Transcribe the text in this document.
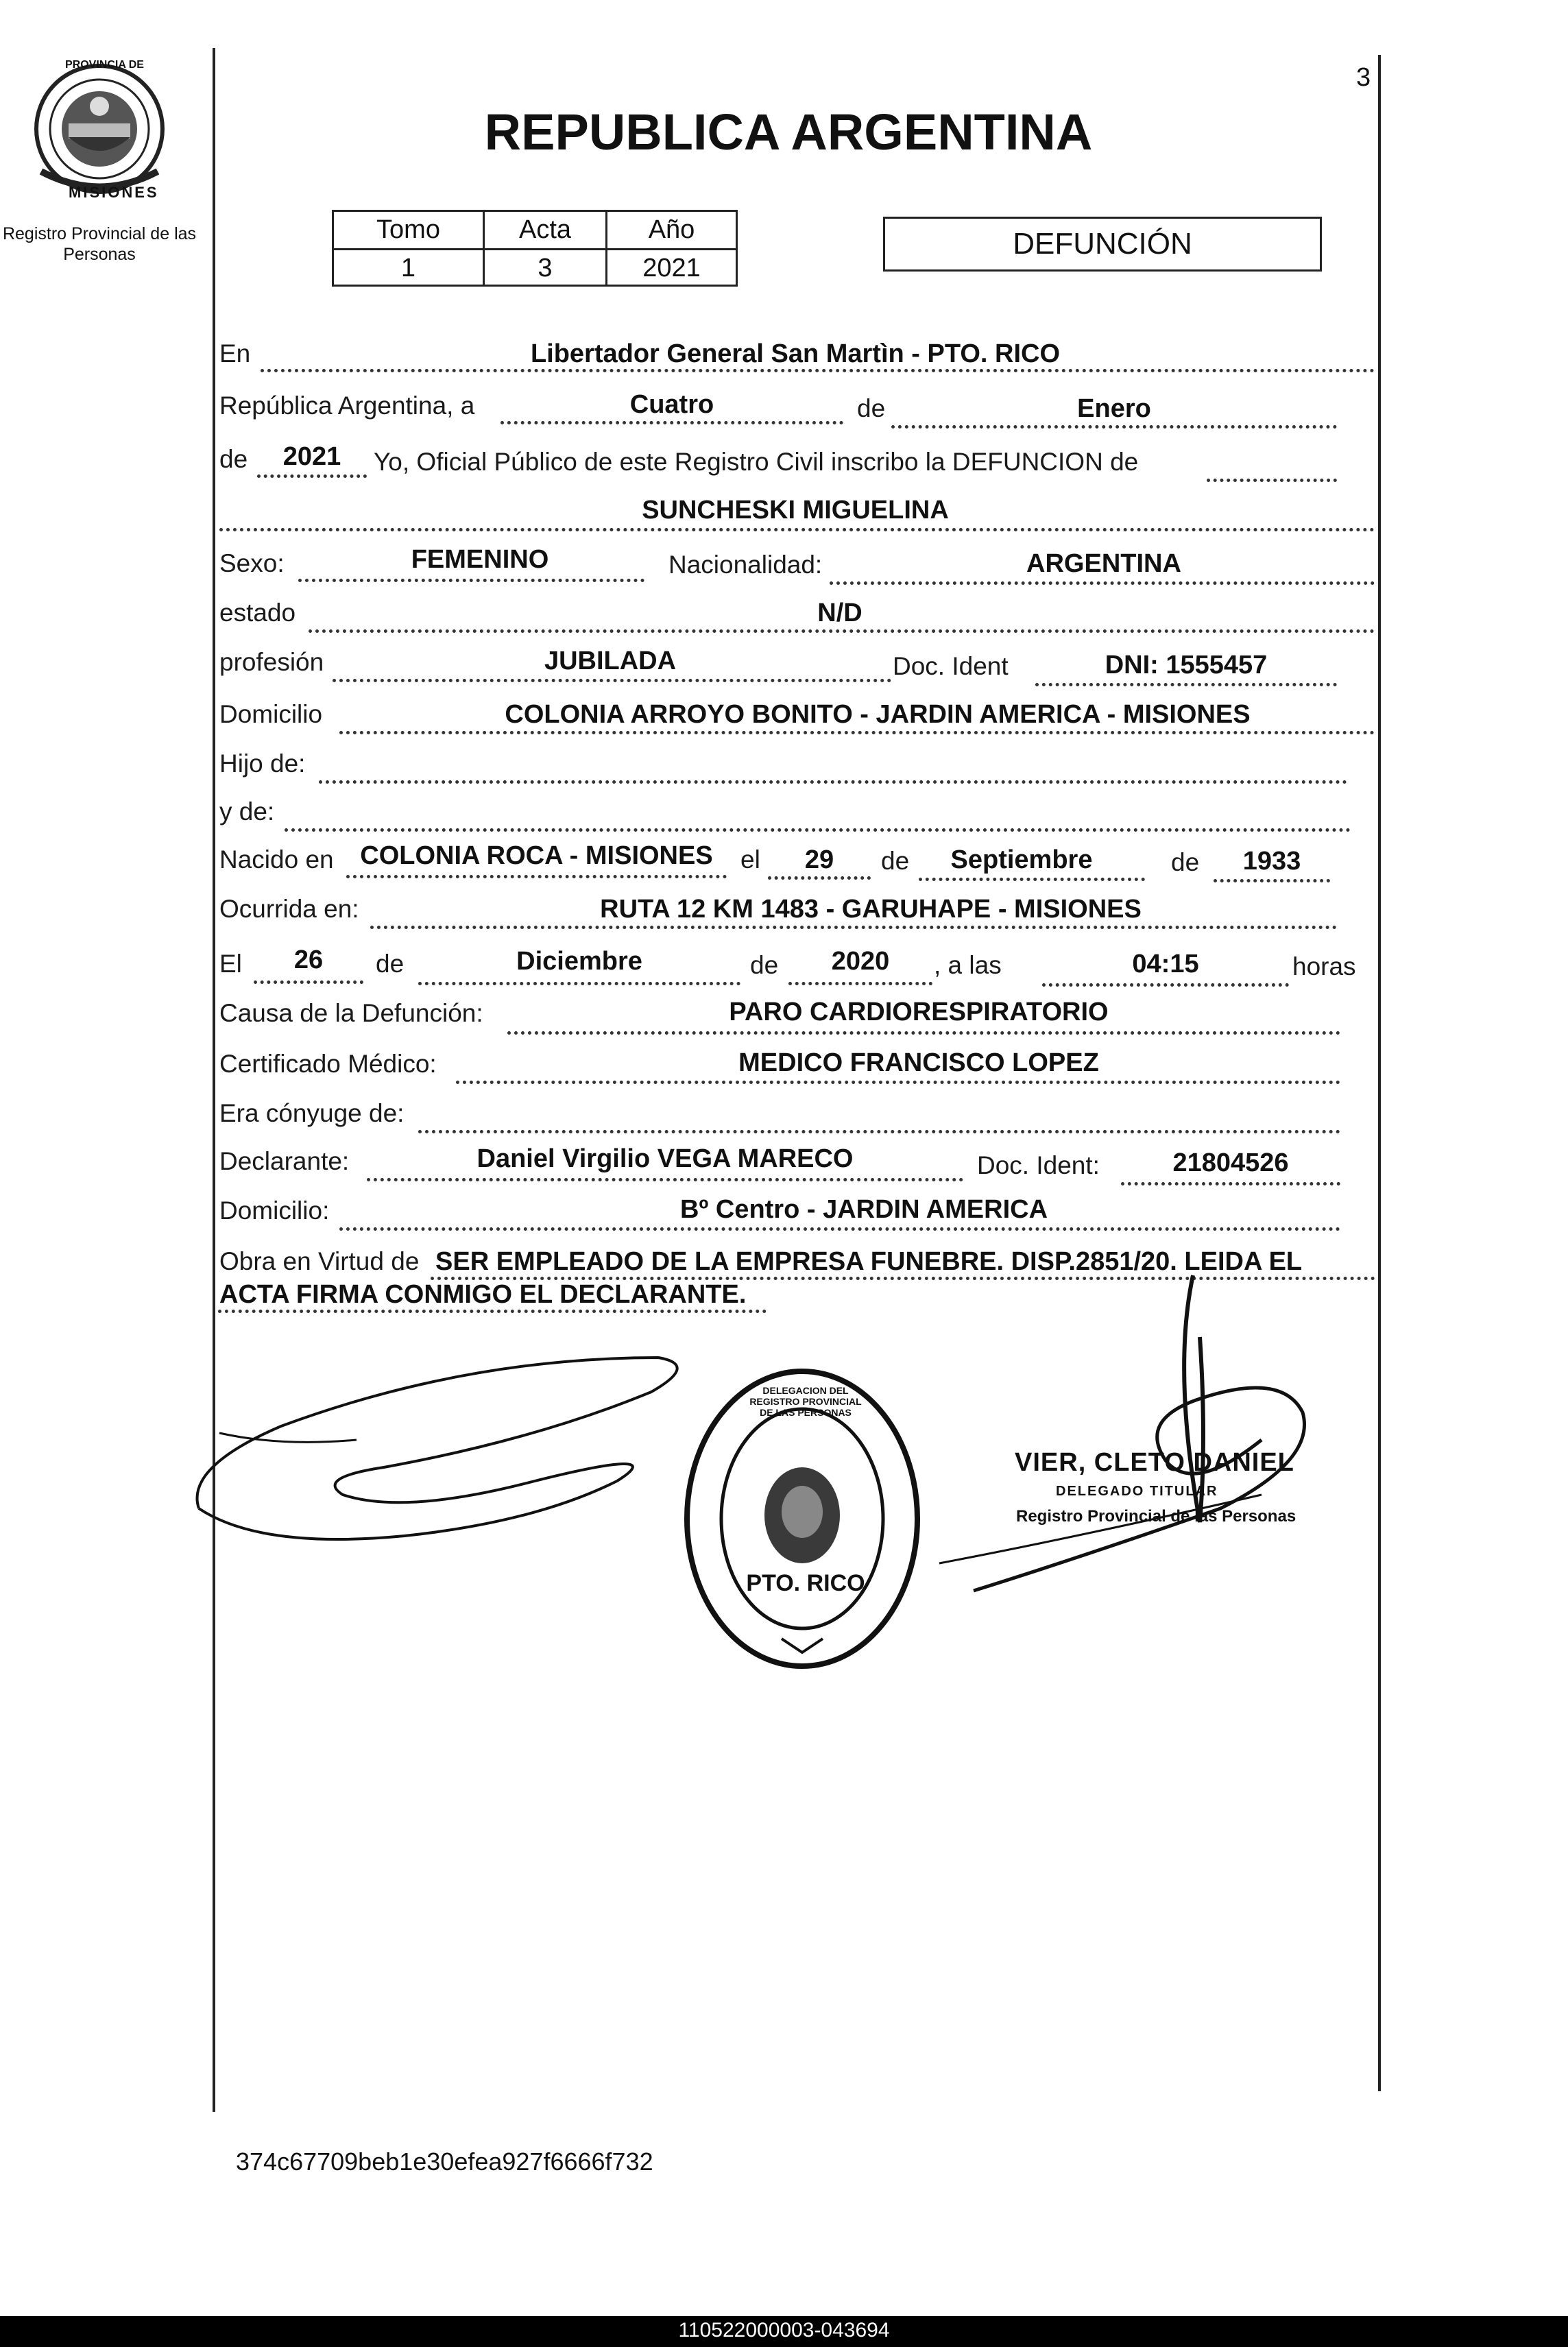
PROVINCIA DE
MISIONES
Registro Provincial de las Personas
3
REPUBLICA ARGENTINA
Tomo	Acta	Año
1	3	2021
DEFUNCIÓN
En	Libertador General San Martìn - PTO. RICO
República Argentina, a	Cuatro	de	Enero
de	2021	Yo, Oficial Público de este Registro Civil inscribo la DEFUNCION de
SUNCHESKI MIGUELINA
Sexo:	FEMENINO	Nacionalidad:	ARGENTINA
estado	N/D
profesión	JUBILADA	Doc. Ident	DNI: 1555457
Domicilio	COLONIA ARROYO BONITO - JARDIN AMERICA - MISIONES
Hijo de:
y de:
Nacido en	COLONIA ROCA - MISIONES	el	29	de	Septiembre	de	1933
Ocurrida en:	RUTA 12 KM 1483 - GARUHAPE - MISIONES
El	26	de	Diciembre	de	2020	, a las	04:15	horas
Causa de la Defunción:	PARO CARDIORESPIRATORIO
Certificado Médico:	MEDICO FRANCISCO LOPEZ
Era cónyuge de:
Declarante:	Daniel Virgilio VEGA MARECO	Doc. Ident:	21804526
Domicilio:	Bº Centro - JARDIN AMERICA
Obra en Virtud de SER EMPLEADO DE LA EMPRESA FUNEBRE. DISP.2851/20. LEIDA EL
ACTA FIRMA CONMIGO EL DECLARANTE.
DELEGACION DEL REGISTRO PROVINCIAL DE LAS PERSONAS
PTO. RICO
VIER, CLETO DANIEL
DELEGADO TITULAR
Registro Provincial de las Personas
374c67709beb1e30efea927f6666f732
110522000003-043694
